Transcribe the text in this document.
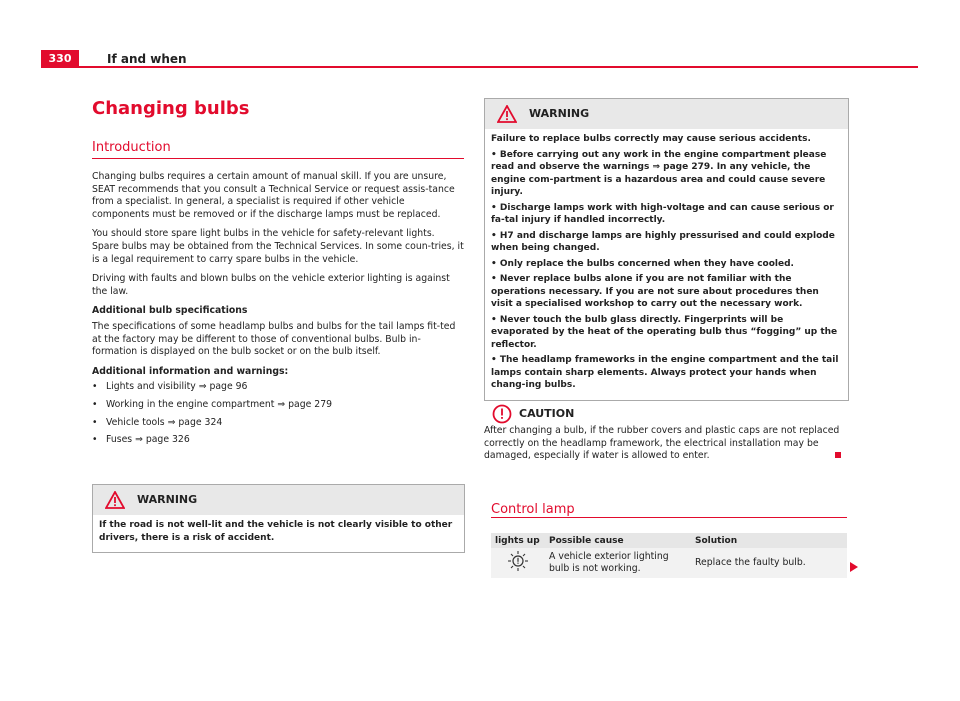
330	If and when
Changing bulbs
Introduction

Changing bulbs requires a certain amount of manual skill. If you are unsure, SEAT recommends that you consult a Technical Service or request assis-tance from a specialist. In general, a specialist is required if other vehicle components must be removed or if the discharge lamps must be replaced.

You should store spare light bulbs in the vehicle for safety-relevant lights. Spare bulbs may be obtained from the Technical Services. In some coun-tries, it is a legal requirement to carry spare bulbs in the vehicle.

Driving with faults and blown bulbs on the vehicle exterior lighting is against the law.

Additional bulb specifications

The specifications of some headlamp bulbs and bulbs for the tail lamps fit-ted at the factory may be different to those of conventional bulbs. Bulb in-formation is displayed on the bulb socket or on the bulb itself.

Additional information and warnings:

• Lights and visibility ⇒ page 96
• Working in the engine compartment ⇒ page 279
• Vehicle tools ⇒ page 324
• Fuses ⇒ page 326
WARNING

If the road is not well-lit and the vehicle is not clearly visible to other drivers, there is a risk of accident.

WARNING

Failure to replace bulbs correctly may cause serious accidents.

• Before carrying out any work in the engine compartment please read and observe the warnings ⇒ page 279. In any vehicle, the engine com-partment is a hazardous area and could cause severe injury.

• Discharge lamps work with high-voltage and can cause serious or fa-tal injury if handled incorrectly.

• H7 and discharge lamps are highly pressurised and could explode when being changed.

• Only replace the bulbs concerned when they have cooled.

• Never replace bulbs alone if you are not familiar with the operations necessary. If you are not sure about procedures then visit a specialised workshop to carry out the necessary work.

• Never touch the bulb glass directly. Fingerprints will be evaporated by the heat of the operating bulb thus “fogging” up the reflector.

• The headlamp frameworks in the engine compartment and the tail lamps contain sharp elements. Always protect your hands when chang-ing bulbs.

CAUTION
After changing a bulb, if the rubber covers and plastic caps are not replaced correctly on the headlamp framework, the electrical installation may be damaged, especially if water is allowed to enter.
Control lamp
lights up	Possible cause	Solution
	A vehicle exterior lighting bulb is not working.	Replace the faulty bulb.
